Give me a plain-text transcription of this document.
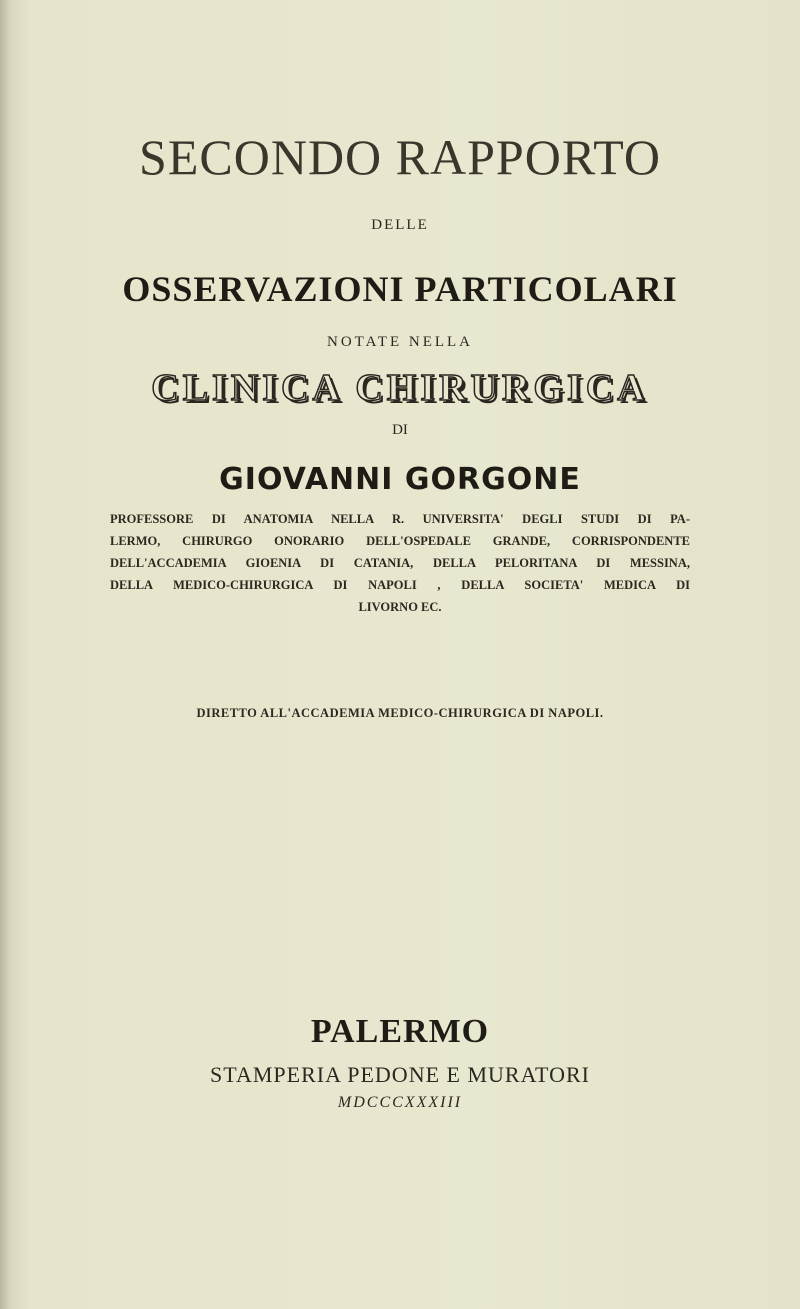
SECONDO RAPPORTO
DELLE
OSSERVAZIONI PARTICOLARI
NOTATE NELLA
CLINICA CHIRURGICA
DI
GIOVANNI GORGONE
PROFESSORE DI ANATOMIA NELLA R. UNIVERSITA' DEGLI STUDI DI PA-
LERMO, CHIRURGO ONORARIO DELL'OSPEDALE GRANDE, CORRISPONDENTE
DELL'ACCADEMIA GIOENIA DI CATANIA, DELLA PELORITANA DI MESSINA,
DELLA MEDICO-CHIRURGICA DI NAPOLI , DELLA SOCIETA' MEDICA DI
LIVORNO EC.
DIRETTO ALL'ACCADEMIA MEDICO-CHIRURGICA DI NAPOLI.
PALERMO
STAMPERIA PEDONE E MURATORI
MDCCCXXXIII
